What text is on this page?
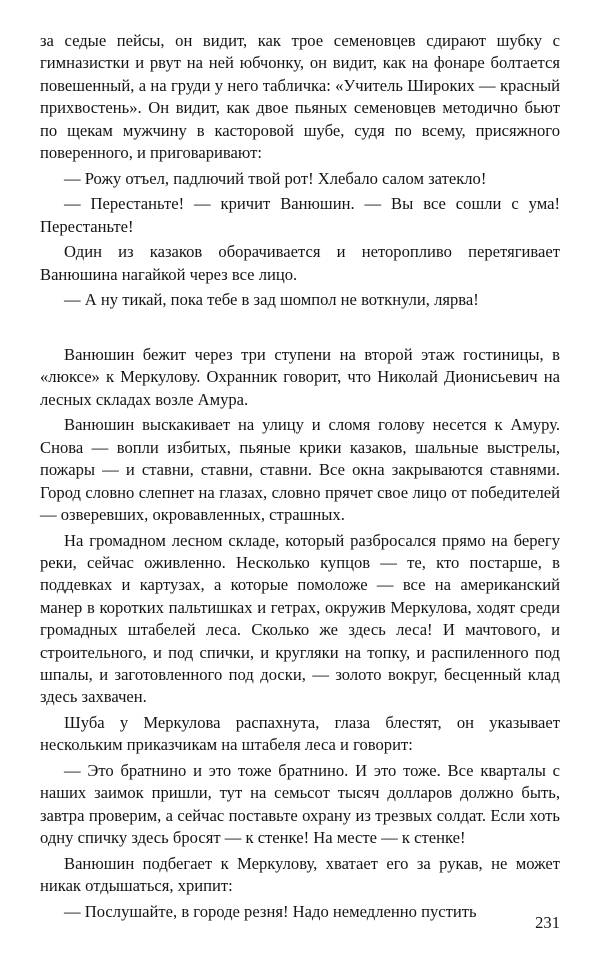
за седые пейсы, он видит, как трое семеновцев сдирают шубку с гимназистки и рвут на ней юбчонку, он видит, как на фонаре болтается повешенный, а на груди у него табличка: «Учитель Широких — красный прихвостень». Он видит, как двое пьяных семеновцев методично бьют по щекам мужчину в касторовой шубе, судя по всему, присяжного поверенного, и приговаривают:

— Рожу отъел, падлючий твой рот! Хлебало салом затекло!

— Перестаньте! — кричит Ванюшин. — Вы все сошли с ума! Перестаньте!

Один из казаков оборачивается и неторопливо перетягивает Ванюшина нагайкой через все лицо.

— А ну тикай, пока тебе в зад шомпол не воткнули, лярва!

Ванюшин бежит через три ступени на второй этаж гостиницы, в «люксе» к Меркулову. Охранник говорит, что Николай Дионисьевич на лесных складах возле Амура.

Ванюшин выскакивает на улицу и сломя голову несется к Амуру. Снова — вопли избитых, пьяные крики казаков, шальные выстрелы, пожары — и ставни, ставни, ставни. Все окна закрываются ставнями. Город словно слепнет на глазах, словно прячет свое лицо от победителей — озверевших, окровавленных, страшных.

На громадном лесном складе, который разбросался прямо на берегу реки, сейчас оживленно. Несколько купцов — те, кто постарше, в поддевках и картузах, а которые помоложе — все на американский манер в коротких пальтишках и гетрах, окружив Меркулова, ходят среди громадных штабелей леса. Сколько же здесь леса! И мачтового, и строительного, и под спички, и кругляки на топку, и распиленного под шпалы, и заготовленного под доски, — золото вокруг, бесценный клад здесь захвачен.

Шуба у Меркулова распахнута, глаза блестят, он указывает нескольким приказчикам на штабеля леса и говорит:

— Это братнино и это тоже братнино. И это тоже. Все кварталы с наших заимок пришли, тут на семьсот тысяч долларов должно быть, завтра проверим, а сейчас поставьте охрану из трезвых солдат. Если хоть одну спичку здесь бросят — к стенке! На месте — к стенке!

Ванюшин подбегает к Меркулову, хватает его за рукав, не может никак отдышаться, хрипит:

— Послушайте, в городе резня! Надо немедленно пустить

231
